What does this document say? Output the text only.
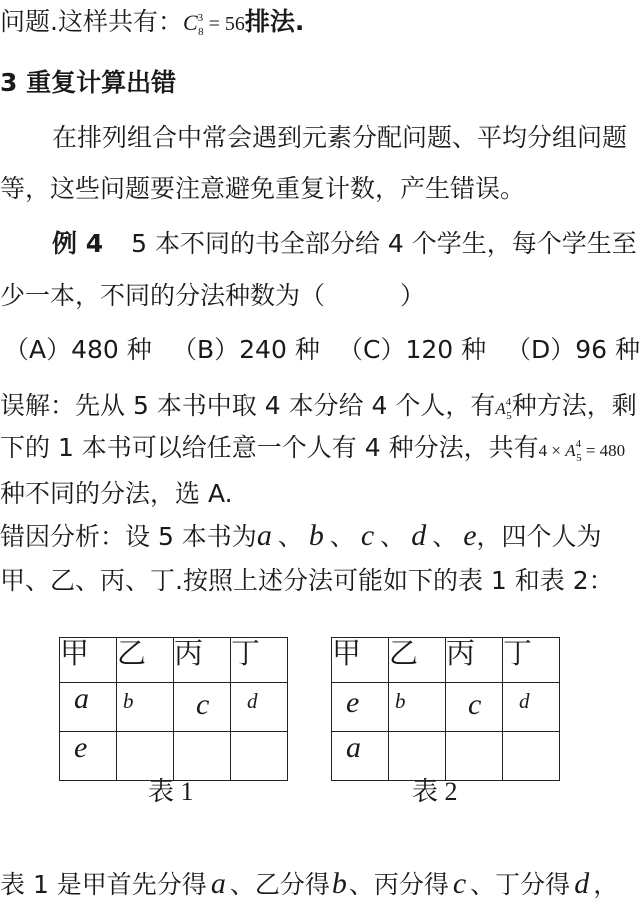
问题.这样共有：$C^3_8 = 56$排法.
3 重复计算出错
在排列组合中常会遇到元素分配问题、平均分组问题
等，这些问题要注意避免重复计数，产生错误。
例 4 5 本不同的书全部分给 4 个学生，每个学生至
少一本，不同的分法种数为（　　　）
（A）480 种 （B）240 种 （C）120 种 （D）96 种
误解：先从 5 本书中取 4 本分给 4 个人，有$A^4_5$种方法，剩
下的 1 本书可以给任意一个人有 4 种分法，共有$4 \times A^4_5 = 480$
种不同的分法，选 A.
错因分析：设 5 本书为a 、 b 、 c 、 d 、 e，四个人为
甲、乙、丙、丁.按照上述分法可能如下的表 1 和表 2：
甲	乙	丙	丁
a	b	c	d
e			
表 1
甲	乙	丙	丁
e	b	c	d
a			
表 2
表 1 是甲首先分得 a 、乙分得b、丙分得 c 、丁分得 d ，
